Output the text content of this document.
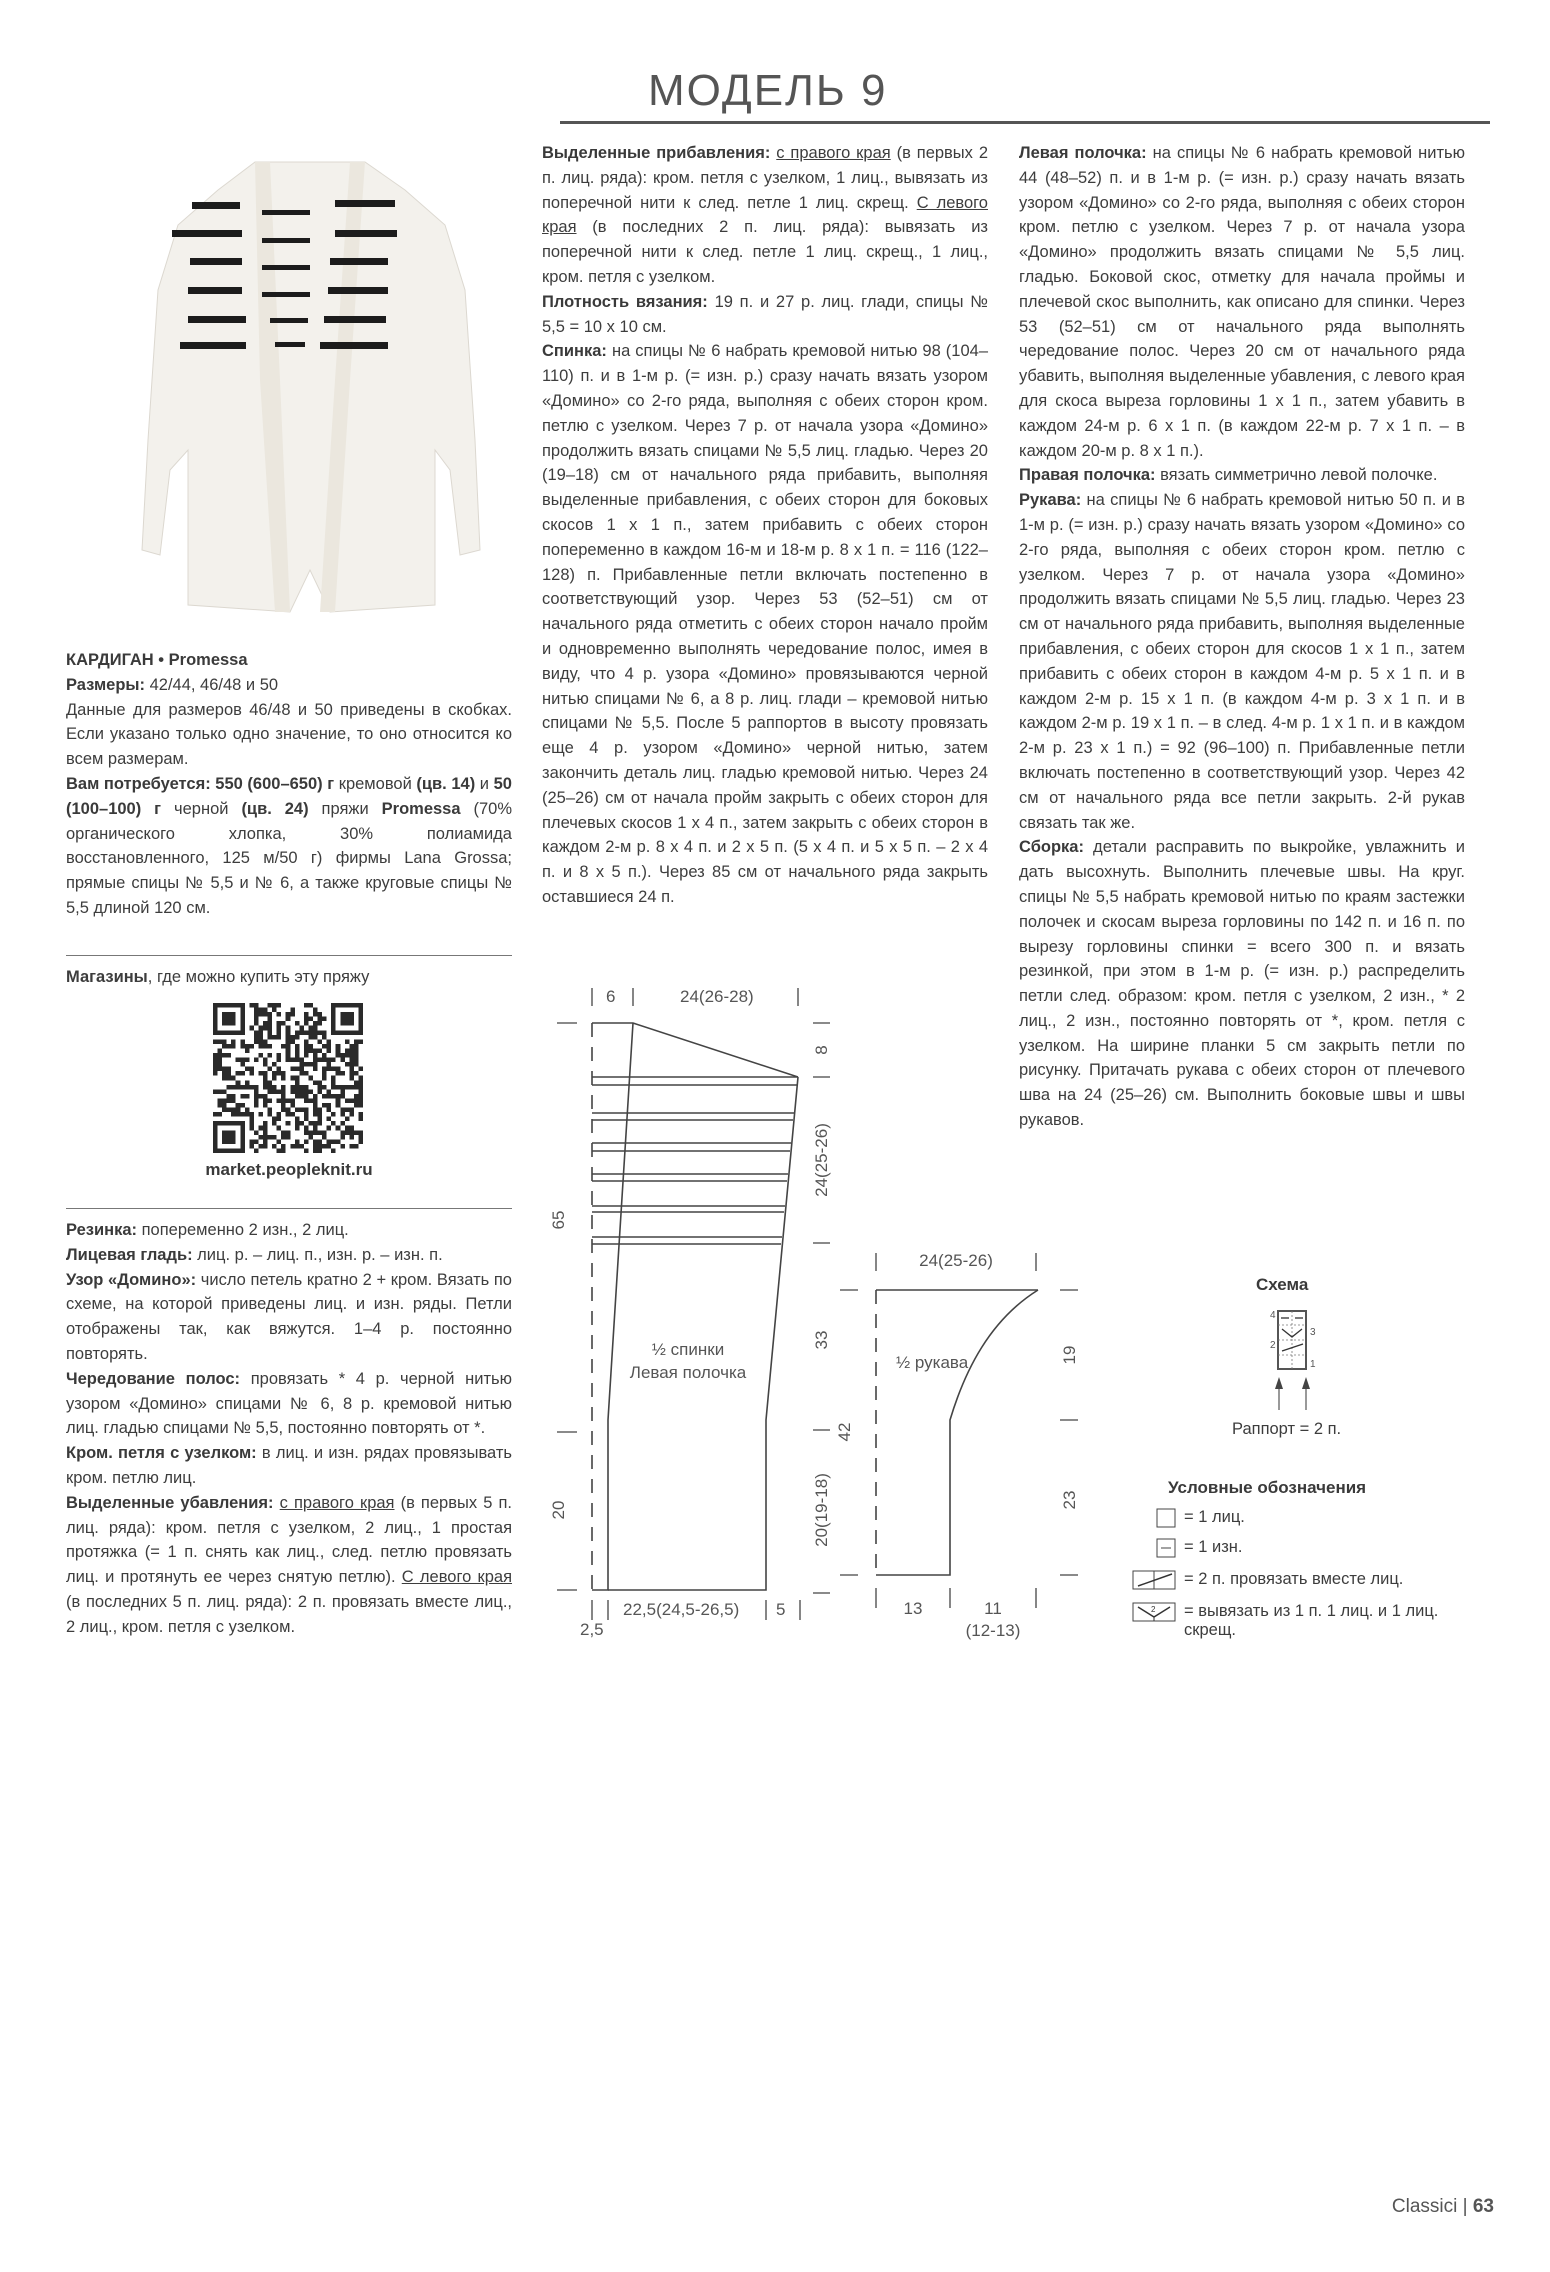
МОДЕЛЬ 9

КАРДИГАН • Promessa

Размеры: 42/44, 46/48 и 50

Данные для размеров 46/48 и 50 приведены в скобках. Если указано только одно значение, то оно относится ко всем размерам.

Вам потребуется: 550 (600–650) г кремовой (цв. 14) и 50 (100–100) г черной (цв. 24) пряжи Promessa (70% органического хлопка, 30% полиамида восстановленного, 125 м/50 г) фирмы Lana Grossa; прямые спицы № 5,5 и № 6, а также круговые спицы № 5,5 длиной 120 см.

Магазины, где можно купить эту пряжу
market.peopleknit.ru

Резинка: попеременно 2 изн., 2 лиц.

Лицевая гладь: лиц. р. – лиц. п., изн. р. – изн. п.

Узор «Домино»: число петель кратно 2 + кром. Вязать по схеме, на которой приведены лиц. и изн. ряды. Петли отображены так, как вяжутся. 1–4 р. постоянно повторять.

Чередование полос: провязать * 4 р. черной нитью узором «Домино» спицами № 6, 8 р. кремовой нитью лиц. гладью спицами № 5,5, постоянно повторять от *.

Кром. петля с узелком: в лиц. и изн. рядах провязывать кром. петлю лиц.

Выделенные убавления: с правого края (в первых 5 п. лиц. ряда): кром. петля с узелком, 2 лиц., 1 простая протяжка (= 1 п. снять как лиц., след. петлю провязать лиц. и протянуть ее через снятую петлю). С левого края (в последних 5 п. лиц. ряда): 2 п. провязать вместе лиц., 2 лиц., кром. петля с узелком.

Выделенные прибавления: с правого края (в первых 2 п. лиц. ряда): кром. петля с узелком, 1 лиц., вывязать из поперечной нити к след. петле 1 лиц. скрещ. С левого края (в последних 2 п. лиц. ряда): вывязать из поперечной нити к след. петле 1 лиц. скрещ., 1 лиц., кром. петля с узелком.

Плотность вязания: 19 п. и 27 р. лиц. глади, спицы № 5,5 = 10 х 10 см.

Спинка: на спицы № 6 набрать кремовой нитью 98 (104–110) п. и в 1-м р. (= изн. р.) сразу начать вязать узором «Домино» со 2-го ряда, выполняя с обеих сторон кром. петлю с узелком. Через 7 р. от начала узора «Домино» продолжить вязать спицами № 5,5 лиц. гладью. Через 20 (19–18) см от начального ряда прибавить, выполняя выделенные прибавления, с обеих сторон для боковых скосов 1 х 1 п., затем прибавить с обеих сторон попеременно в каждом 16-м и 18-м р. 8 х 1 п. = 116 (122–128) п. Прибавленные петли включать постепенно в соответствующий узор. Через 53 (52–51) см от начального ряда отметить с обеих сторон начало пройм и одновременно выполнять чередование полос, имея в виду, что 4 р. узора «Домино» провязываются черной нитью спицами № 6, а 8 р. лиц. глади – кремовой нитью спицами № 5,5. После 5 раппортов в высоту провязать еще 4 р. узором «Домино» черной нитью, затем закончить деталь лиц. гладью кремовой нитью. Через 24 (25–26) см от начала пройм закрыть с обеих сторон для плечевых скосов 1 х 4 п., затем закрыть с обеих сторон в каждом 2-м р. 8 х 4 п. и 2 х 5 п. (5 х 4 п. и 5 х 5 п. – 2 х 4 п. и 8 х 5 п.). Через 85 см от начального ряда закрыть оставшиеся 24 п.

Левая полочка: на спицы № 6 набрать кремовой нитью 44 (48–52) п. и в 1-м р. (= изн. р.) сразу начать вязать узором «Домино» со 2-го ряда, выполняя с обеих сторон кром. петлю с узелком. Через 7 р. от начала узора «Домино» продолжить вязать спицами № 5,5 лиц. гладью. Боковой скос, отметку для начала проймы и плечевой скос выполнить, как описано для спинки. Через 53 (52–51) см от начального ряда выполнять чередование полос. Через 20 см от начального ряда убавить, выполняя выделенные убавления, с левого края для скоса выреза горловины 1 х 1 п., затем убавить в каждом 24-м р. 6 х 1 п. (в каждом 22-м р. 7 х 1 п. – в каждом 20-м р. 8 х 1 п.).

Правая полочка: вязать симметрично левой полочке.

Рукава: на спицы № 6 набрать кремовой нитью 50 п. и в 1-м р. (= изн. р.) сразу начать вязать узором «Домино» со 2-го ряда, выполняя с обеих сторон кром. петлю с узелком. Через 7 р. от начала узора «Домино» продолжить вязать спицами № 5,5 лиц. гладью. Через 23 см от начального ряда прибавить, выполняя выделенные прибавления, с обеих сторон для скосов 1 х 1 п., затем прибавить с обеих сторон в каждом 4-м р. 5 х 1 п. и в каждом 2-м р. 15 х 1 п. (в каждом 4-м р. 3 х 1 п. и в каждом 2-м р. 19 х 1 п. – в след. 4-м р. 1 х 1 п. и в каждом 2-м р. 23 х 1 п.) = 92 (96–100) п. Прибавленные петли включать постепенно в соответствующий узор. Через 42 см от начального ряда все петли закрыть. 2-й рукав связать так же.

Сборка: детали расправить по выкройке, увлажнить и дать высохнуть. Выполнить плечевые швы. На круг. спицы № 5,5 набрать кремовой нитью по краям застежки полочек и скосам выреза горловины по 142 п. и 16 п. по вырезу горловины спинки = всего 300 п. и вязать резинкой, при этом в 1-м р. (= изн. р.) распределить петли след. образом: кром. петля с узелком, 2 изн., * 2 лиц., 2 изн., постоянно повторять от *, кром. петля с узелком. На ширине планки 5 см закрыть петли по рисунку. Притачать рукава с обеих сторон от плечевого шва на 24 (25–26) см. Выполнить боковые швы и швы рукавов.

6	24(26-28)
8
24(25-26)
33
20(19-18)
65
20
2,5
22,5(24,5-26,5) 5
½ спинки
Левая полочка
24(25-26)
42
19
23
13	11
(12-13)
½ рукава
Схема
4
2
3
1
Раппорт = 2 п.
Условные обозначения
= 1 лиц.
= 1 изн.
= 2 п. провязать вместе лиц.
2 = вывязать из 1 п. 1 лиц. и 1 лиц. скрещ.
Classici | 63
